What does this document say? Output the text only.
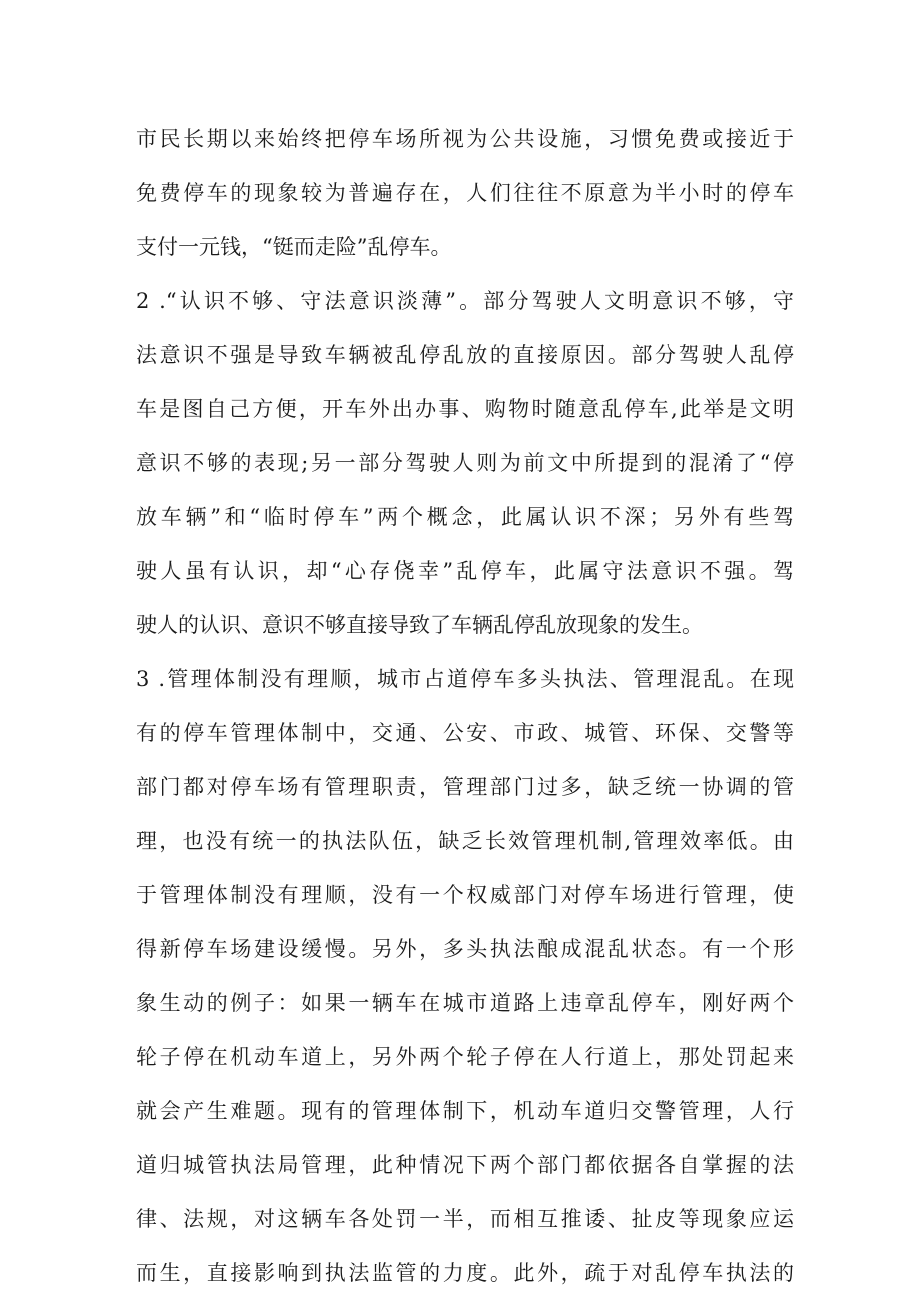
市民长期以来始终把停车场所视为公共设施，习惯免费或接近于
免费停车的现象较为普遍存在，人们往往不原意为半小时的停车
支付一元钱，“铤而走险”乱停车。
2 .“认识不够、守法意识淡薄”。部分驾驶人文明意识不够，守
法意识不强是导致车辆被乱停乱放的直接原因。部分驾驶人乱停
车是图自己方便，开车外出办事、购物时随意乱停车,此举是文明
意识不够的表现;另一部分驾驶人则为前文中所提到的混淆了“停
放车辆”和“临时停车”两个概念，此属认识不深；另外有些驾
驶人虽有认识，却“心存侥幸”乱停车，此属守法意识不强。驾
驶人的认识、意识不够直接导致了车辆乱停乱放现象的发生。
3 .管理体制没有理顺，城市占道停车多头执法、管理混乱。在现
有的停车管理体制中，交通、公安、市政、城管、环保、交警等
部门都对停车场有管理职责，管理部门过多，缺乏统一协调的管
理，也没有统一的执法队伍，缺乏长效管理机制,管理效率低。由
于管理体制没有理顺，没有一个权威部门对停车场进行管理，使
得新停车场建设缓慢。另外，多头执法酿成混乱状态。有一个形
象生动的例子：如果一辆车在城市道路上违章乱停车，刚好两个
轮子停在机动车道上，另外两个轮子停在人行道上，那处罚起来
就会产生难题。现有的管理体制下，机动车道归交警管理，人行
道归城管执法局管理，此种情况下两个部门都依据各自掌握的法
律、法规，对这辆车各处罚一半，而相互推诿、扯皮等现象应运
而生，直接影响到执法监管的力度。此外，疏于对乱停车执法的
